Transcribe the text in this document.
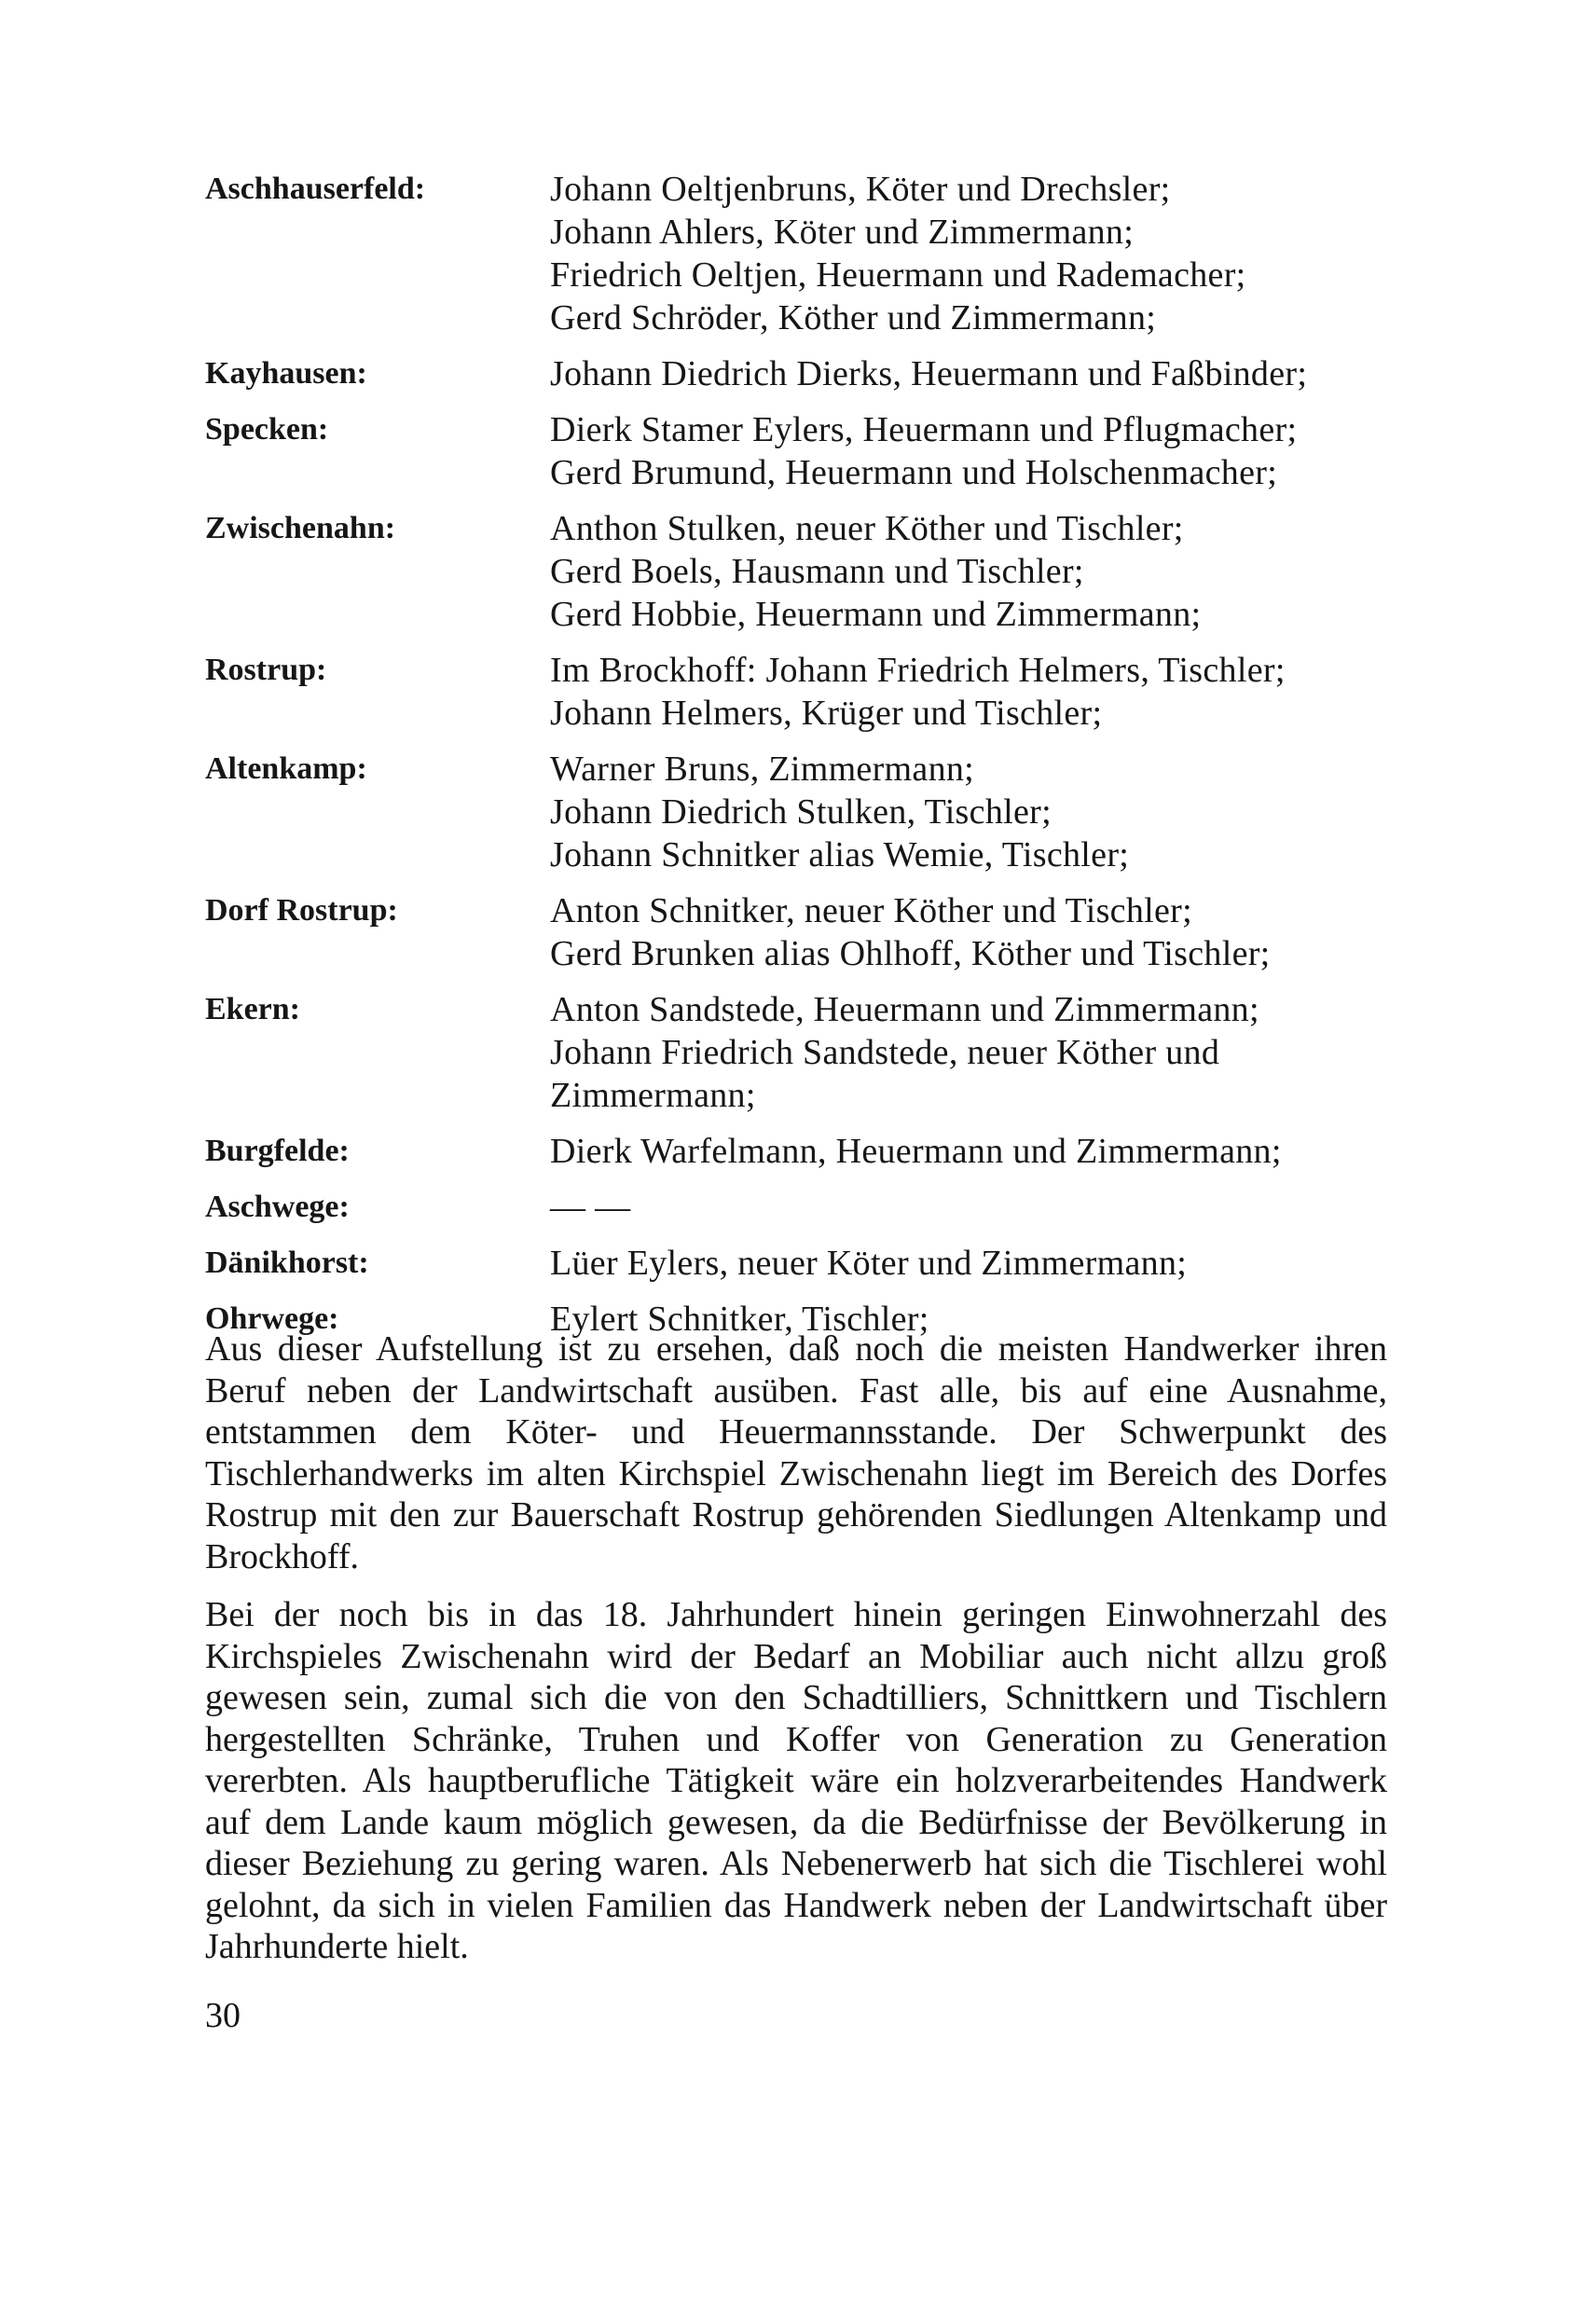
Aschhauserfeld:	Johann Oeltjenbruns, Köter und Drechsler;
Johann Ahlers, Köter und Zimmermann;
Friedrich Oeltjen, Heuermann und Rademacher;
Gerd Schröder, Köther und Zimmermann;
Kayhausen:	Johann Diedrich Dierks, Heuermann und Faßbinder;
Specken:	Dierk Stamer Eylers, Heuermann und Pflugmacher;
Gerd Brumund, Heuermann und Holschenmacher;
Zwischenahn:	Anthon Stulken, neuer Köther und Tischler;
Gerd Boels, Hausmann und Tischler;
Gerd Hobbie, Heuermann und Zimmermann;
Rostrup:	Im Brockhoff: Johann Friedrich Helmers, Tischler;
Johann Helmers, Krüger und Tischler;
Altenkamp:	Warner Bruns, Zimmermann;
Johann Diedrich Stulken, Tischler;
Johann Schnitker alias Wemie, Tischler;
Dorf Rostrup:	Anton Schnitker, neuer Köther und Tischler;
Gerd Brunken alias Ohlhoff, Köther und Tischler;
Ekern:	Anton Sandstede, Heuermann und Zimmermann;
Johann Friedrich Sandstede, neuer Köther und
Zimmermann;
Burgfelde:	Dierk Warfelmann, Heuermann und Zimmermann;
Aschwege:	— —
Dänikhorst:	Lüer Eylers, neuer Köter und Zimmermann;
Ohrwege:	Eylert Schnitker, Tischler;

Aus dieser Aufstellung ist zu ersehen, daß noch die meisten Handwerker ihren Beruf neben der Landwirtschaft ausüben. Fast alle, bis auf eine Ausnahme, entstammen dem Köter- und Heuermannsstande. Der Schwerpunkt des Tischlerhandwerks im alten Kirchspiel Zwischenahn liegt im Bereich des Dorfes Rostrup mit den zur Bauerschaft Rostrup gehörenden Siedlungen Altenkamp und Brockhoff.

Bei der noch bis in das 18. Jahrhundert hinein geringen Einwohnerzahl des Kirchspieles Zwischenahn wird der Bedarf an Mobiliar auch nicht allzu groß gewesen sein, zumal sich die von den Schadtilliers, Schnittkern und Tischlern hergestellten Schränke, Truhen und Koffer von Generation zu Generation vererbten. Als hauptberufliche Tätigkeit wäre ein holzverarbeitendes Handwerk auf dem Lande kaum möglich gewesen, da die Bedürfnisse der Bevölkerung in dieser Beziehung zu gering waren. Als Nebenerwerb hat sich die Tischlerei wohl gelohnt, da sich in vielen Familien das Handwerk neben der Landwirtschaft über Jahrhunderte hielt.

30
